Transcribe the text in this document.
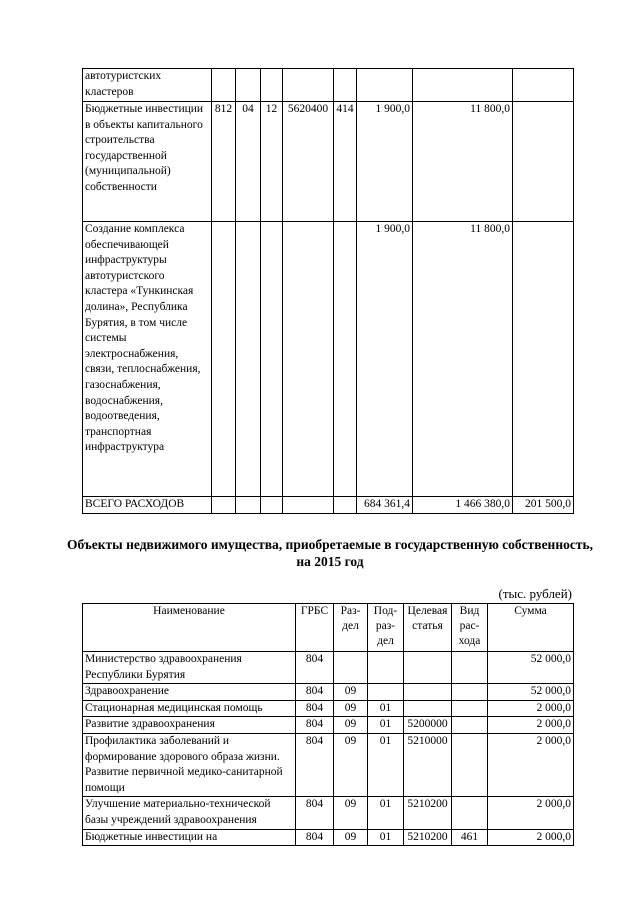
автотуристских кластеров								
Бюджетные инвестиции в объекты капитального строительства государственной (муниципальной) собственности	812	04	12	5620400	414	1 900,0	11 800,0	
Создание комплекса обеспечивающей инфраструктуры автотуристского кластера «Тункинская долина», Республика Бурятия, в том числе системы электроснабжения, связи, теплоснабжения, газоснабжения, водоснабжения, водоотведения, транспортная инфраструктура						1 900,0	11 800,0	
ВСЕГО РАСХОДОВ						684 361,4	1 466 380,0	201 500,0
Объекты недвижимого имущества, приобретаемые в государственную собственность, на 2015 год
(тыс. рублей)
Наименование	ГРБС	Раз-дел	Под-раз-дел	Целевая статья	Вид рас-хода	Сумма
Министерство здравоохранения Республики Бурятия	804					52 000,0
Здравоохранение	804	09				52 000,0
Стационарная медицинская помощь	804	09	01			2 000,0
Развитие здравоохранения	804	09	01	5200000		2 000,0
Профилактика заболеваний и формирование здорового образа жизни. Развитие первичной медико-санитарной помощи	804	09	01	5210000		2 000,0
Улучшение материально-технической базы учреждений здравоохранения	804	09	01	5210200		2 000,0
Бюджетные инвестиции на	804	09	01	5210200	461	2 000,0
